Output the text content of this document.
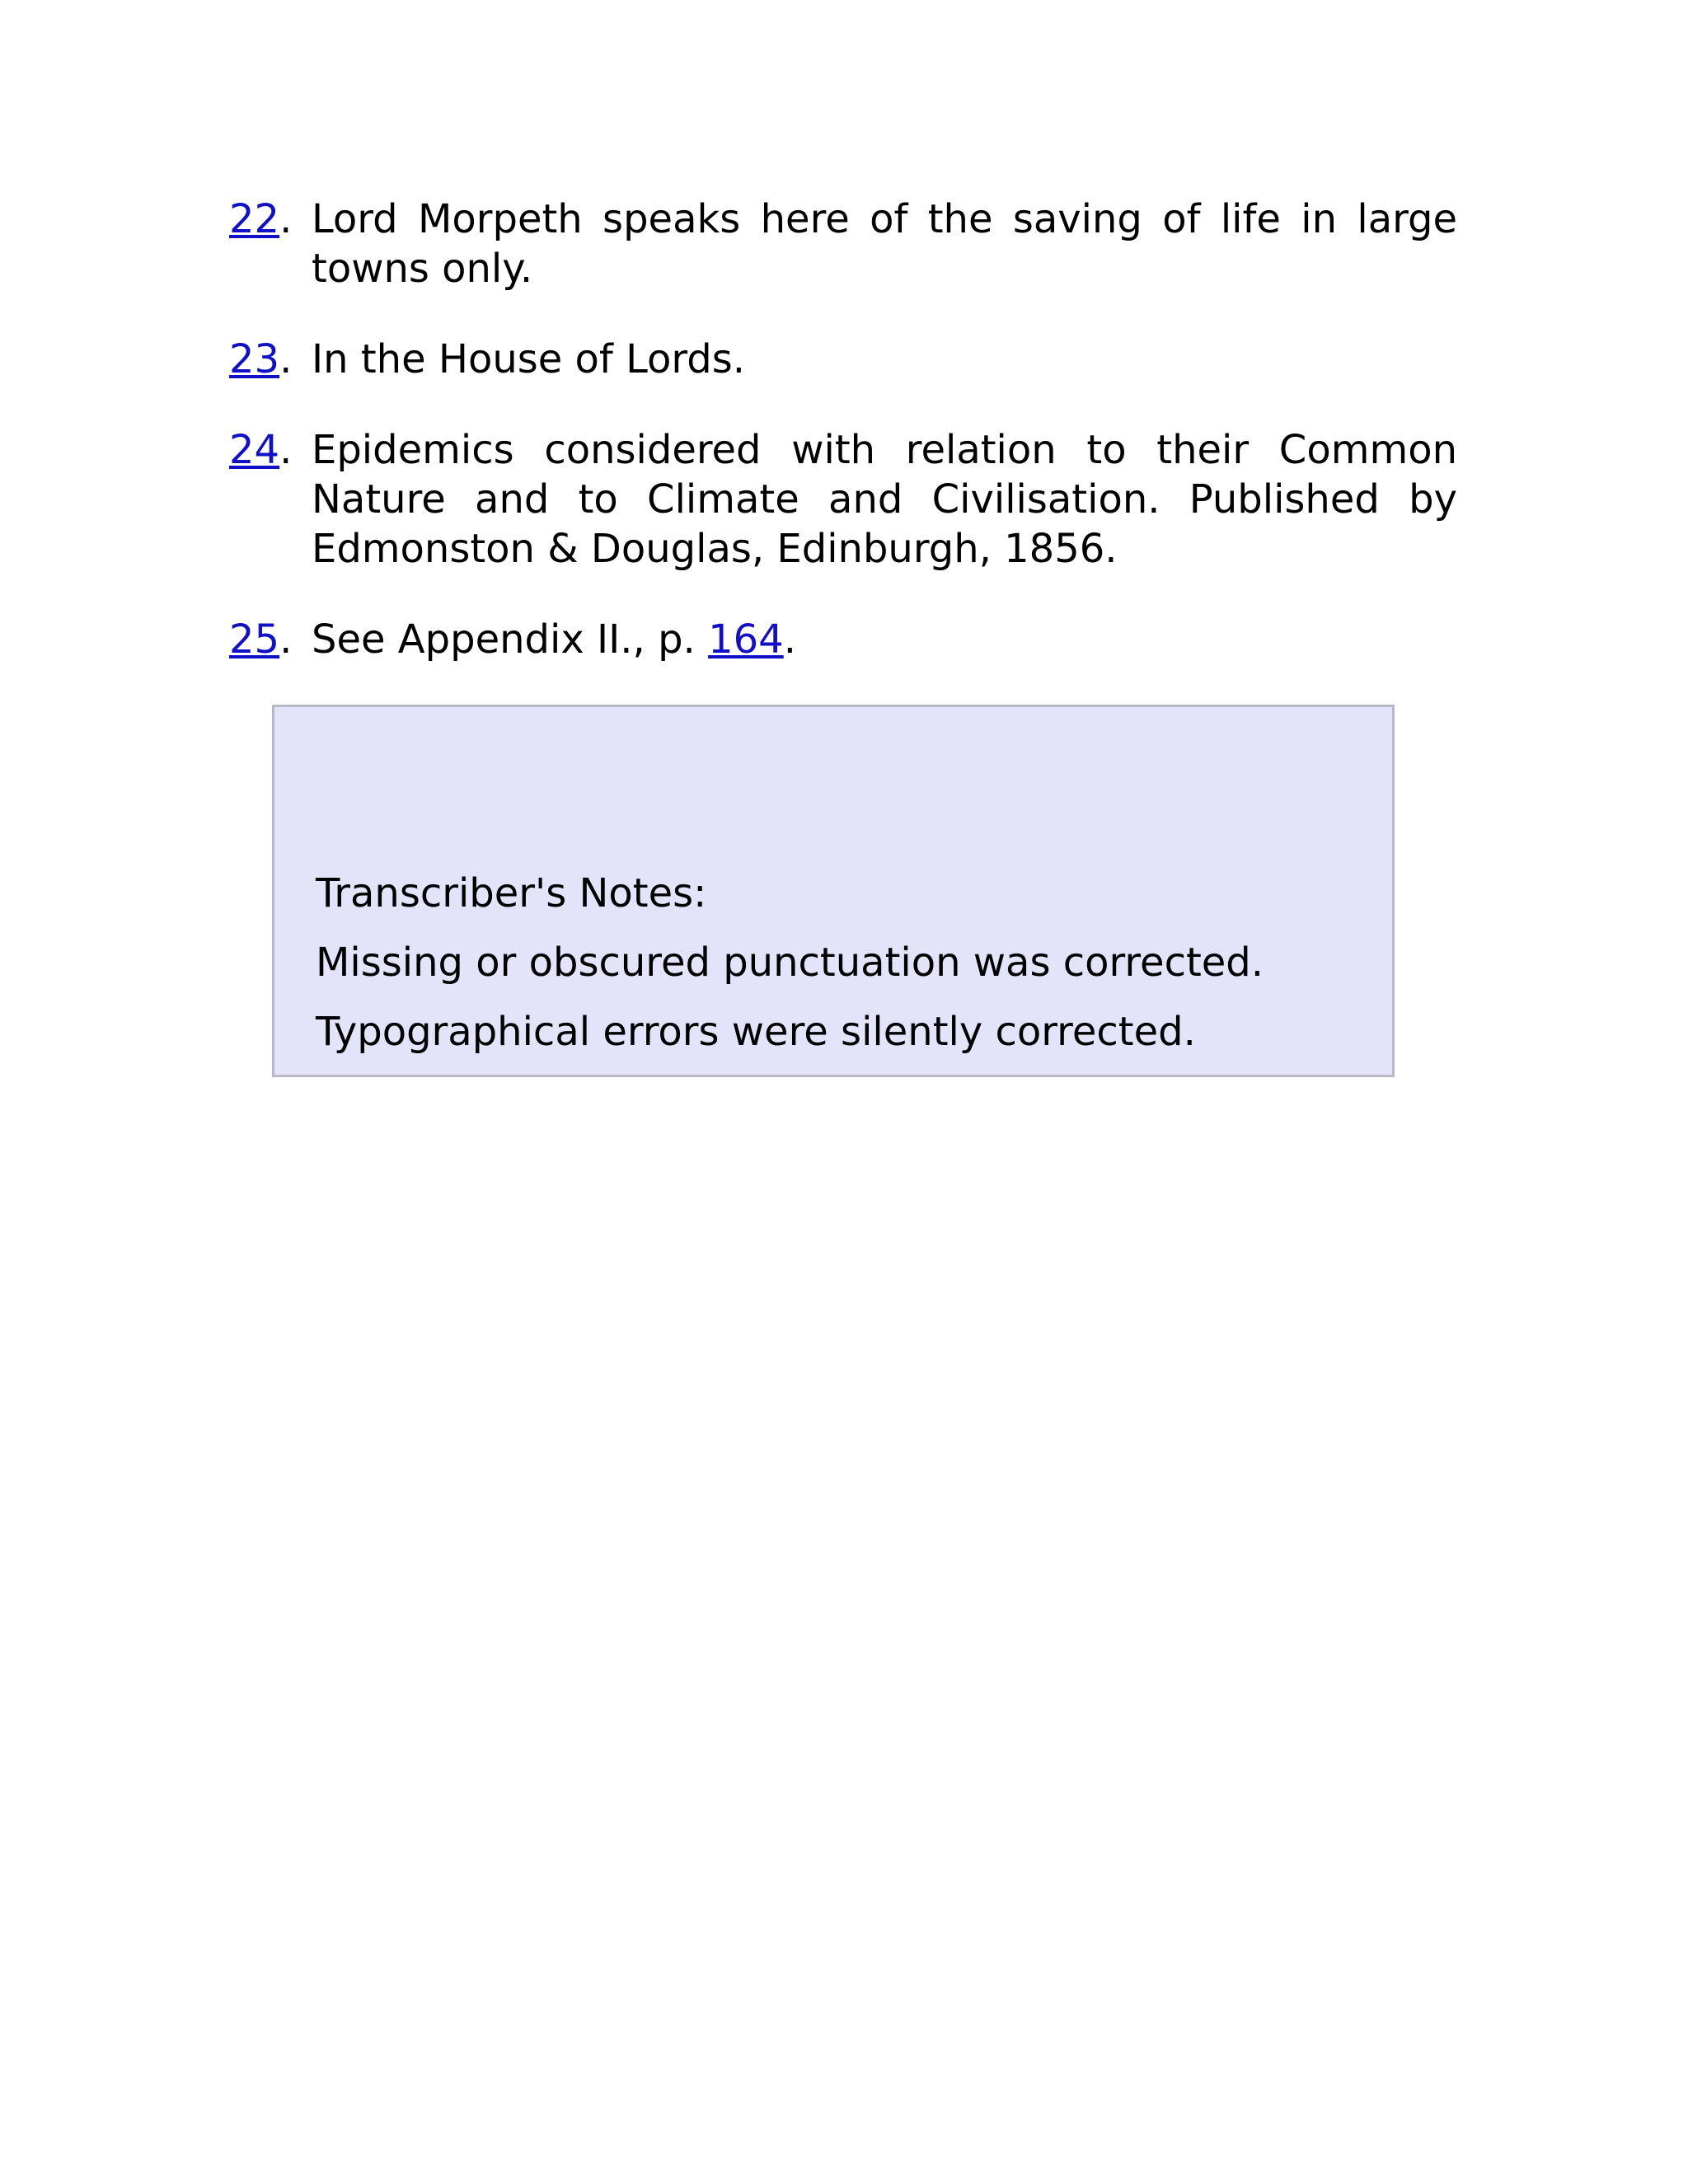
22. Lord Morpeth speaks here of the saving of life in large towns only.
23. In the House of Lords.
24. Epidemics considered with relation to their Common Nature and to Climate and Civilisation. Published by Edmonston & Douglas, Edinburgh, 1856.
25. See Appendix II., p. 164.

Transcriber's Notes:

Missing or obscured punctuation was corrected.

Typographical errors were silently corrected.
